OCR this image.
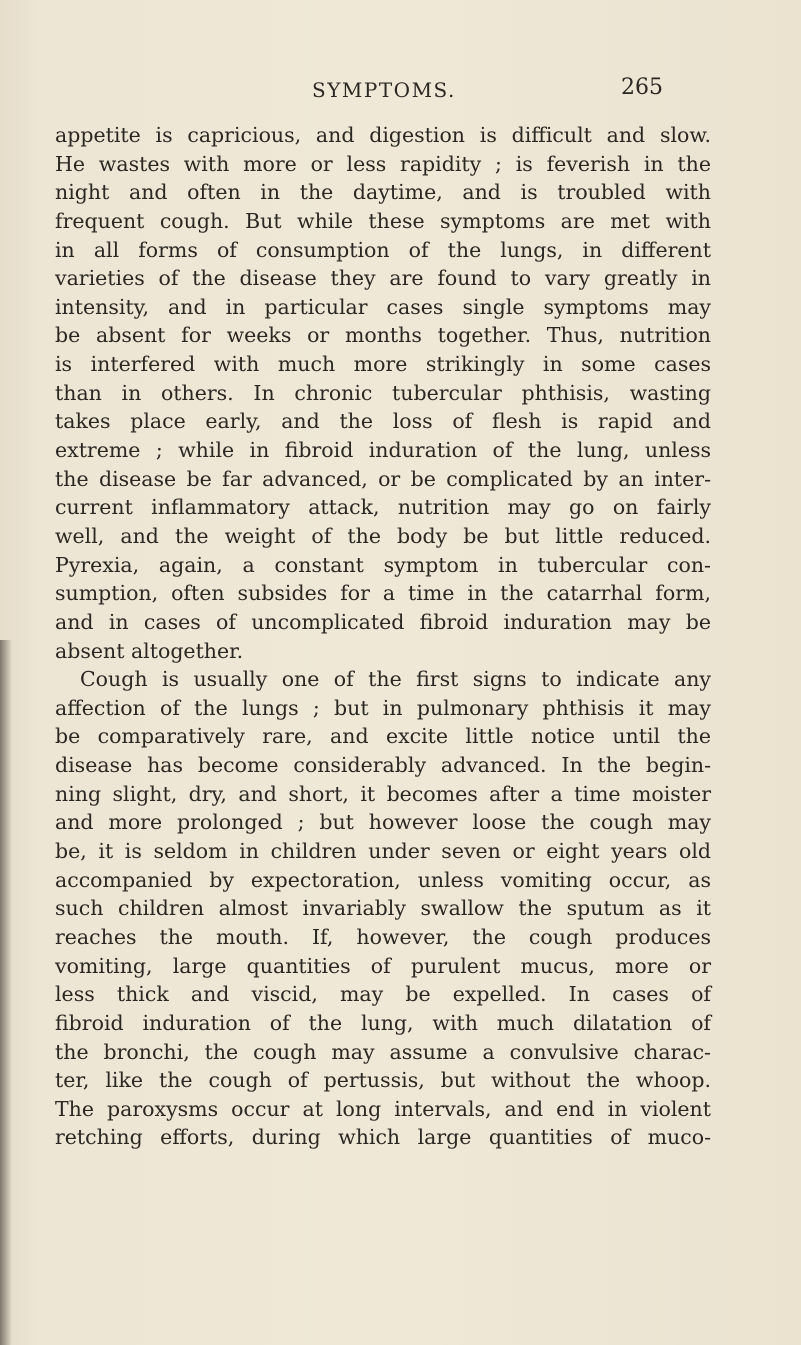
SYMPTOMS.	265
appetite is capricious, and digestion is difficult and slow.
He wastes with more or less rapidity ; is feverish in the
night and often in the daytime, and is troubled with
frequent cough. But while these symptoms are met with
in all forms of consumption of the lungs, in different
varieties of the disease they are found to vary greatly in
intensity, and in particular cases single symptoms may
be absent for weeks or months together. Thus, nutrition
is interfered with much more strikingly in some cases
than in others. In chronic tubercular phthisis, wasting
takes place early, and the loss of flesh is rapid and
extreme ; while in fibroid induration of the lung, unless
the disease be far advanced, or be complicated by an inter-
current inflammatory attack, nutrition may go on fairly
well, and the weight of the body be but little reduced.
Pyrexia, again, a constant symptom in tubercular con-
sumption, often subsides for a time in the catarrhal form,
and in cases of uncomplicated fibroid induration may be
absent altogether.
Cough is usually one of the first signs to indicate any
affection of the lungs ; but in pulmonary phthisis it may
be comparatively rare, and excite little notice until the
disease has become considerably advanced. In the begin-
ning slight, dry, and short, it becomes after a time moister
and more prolonged ; but however loose the cough may
be, it is seldom in children under seven or eight years old
accompanied by expectoration, unless vomiting occur, as
such children almost invariably swallow the sputum as it
reaches the mouth. If, however, the cough produces
vomiting, large quantities of purulent mucus, more or
less thick and viscid, may be expelled. In cases of
fibroid induration of the lung, with much dilatation of
the bronchi, the cough may assume a convulsive charac-
ter, like the cough of pertussis, but without the whoop.
The paroxysms occur at long intervals, and end in violent
retching efforts, during which large quantities of muco-
